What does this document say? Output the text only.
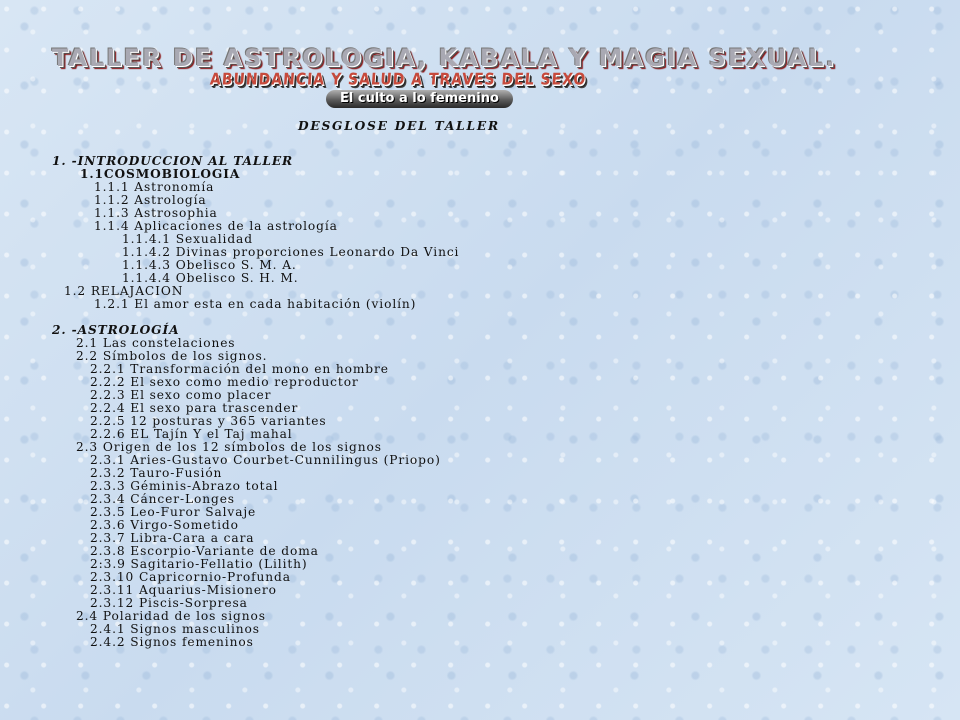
TALLER DE ASTROLOGIA, KABALA Y MAGIA SEXUAL.
ABUNDANCIA Y SALUD A TRAVES DEL SEXO
El culto a lo femenino
DESGLOSE DEL TALLER
1. -INTRODUCCION AL TALLER
1.1COSMOBIOLOGIA
1.1.1 Astronomía
1.1.2 Astrología
1.1.3 Astrosophia
1.1.4 Aplicaciones de la astrología
1.1.4.1 Sexualidad
1.1.4.2 Divinas proporciones Leonardo Da Vinci
1.1.4.3 Obelisco S. M. A.
1.1.4.4 Obelisco S. H. M.
1.2 RELAJACION
1.2.1 El amor esta en cada habitación (violín)
2. -ASTROLOGÍA
2.1 Las constelaciones
2.2 Símbolos de los signos.
2.2.1 Transformación del mono en hombre
2.2.2 El sexo como medio reproductor
2.2.3 El sexo como placer
2.2.4 El sexo para trascender
2.2.5 12 posturas y 365 variantes
2.2.6 EL Tajín Y el Taj mahal
2.3 Origen de los 12 símbolos de los signos
2.3.1 Aries-Gustavo Courbet-Cunnilingus (Priopo)
2.3.2 Tauro-Fusión
2.3.3 Géminis-Abrazo total
2.3.4 Cáncer-Longes
2.3.5 Leo-Furor Salvaje
2.3.6 Virgo-Sometido
2.3.7 Libra-Cara a cara
2.3.8 Escorpio-Variante de doma
2:3.9 Sagitario-Fellatio (Lilith)
2.3.10 Capricornio-Profunda
2.3.11 Aquarius-Misionero
2.3.12 Piscis-Sorpresa
2.4 Polaridad de los signos
2.4.1 Signos masculinos
2.4.2 Signos femeninos
